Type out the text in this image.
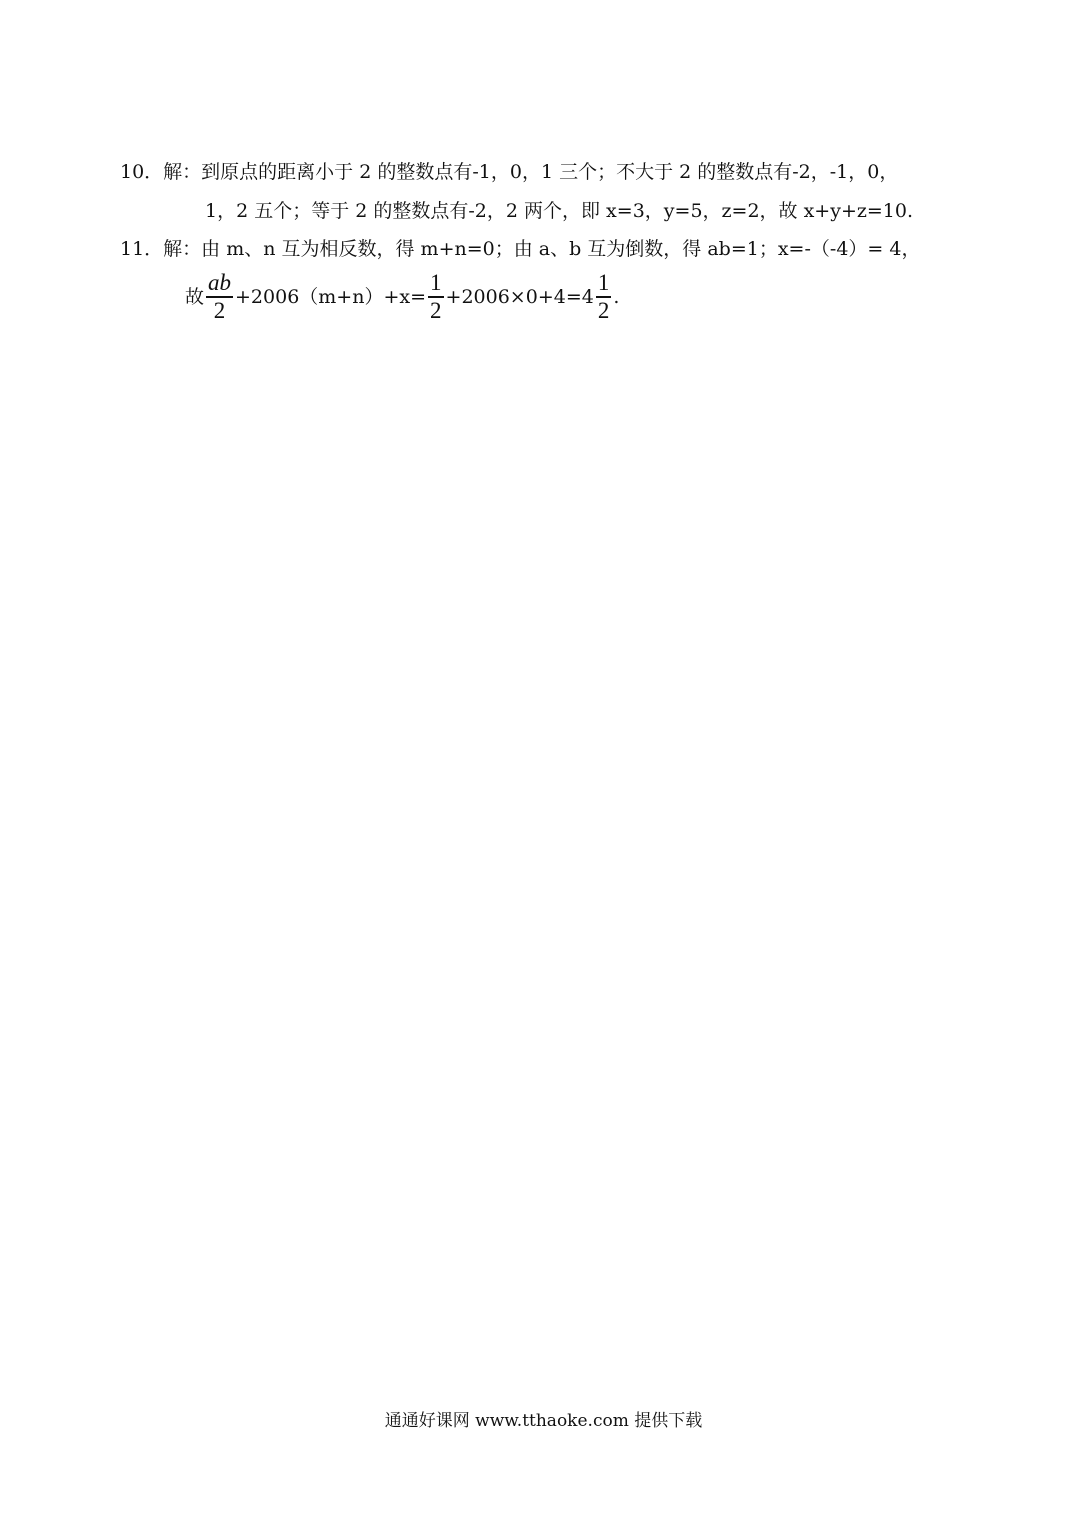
10．解：到原点的距离小于 2 的整数点有-1，0，1 三个；不大于 2 的整数点有-2，-1，0，
1，2 五个；等于 2 的整数点有-2，2 两个，即 x=3，y=5，z=2，故 x+y+z=10.
11．解：由 m、n 互为相反数，得 m+n=0；由 a、b 互为倒数，得 ab=1；x=-（-4）= 4，
故 $\frac{ab}{2} +2006(m+n)+x= \frac{1}{2} +2006\times 0+4=4 \frac{1}{2}$ .
通通好课网 www.tthaoke.com 提供下载
